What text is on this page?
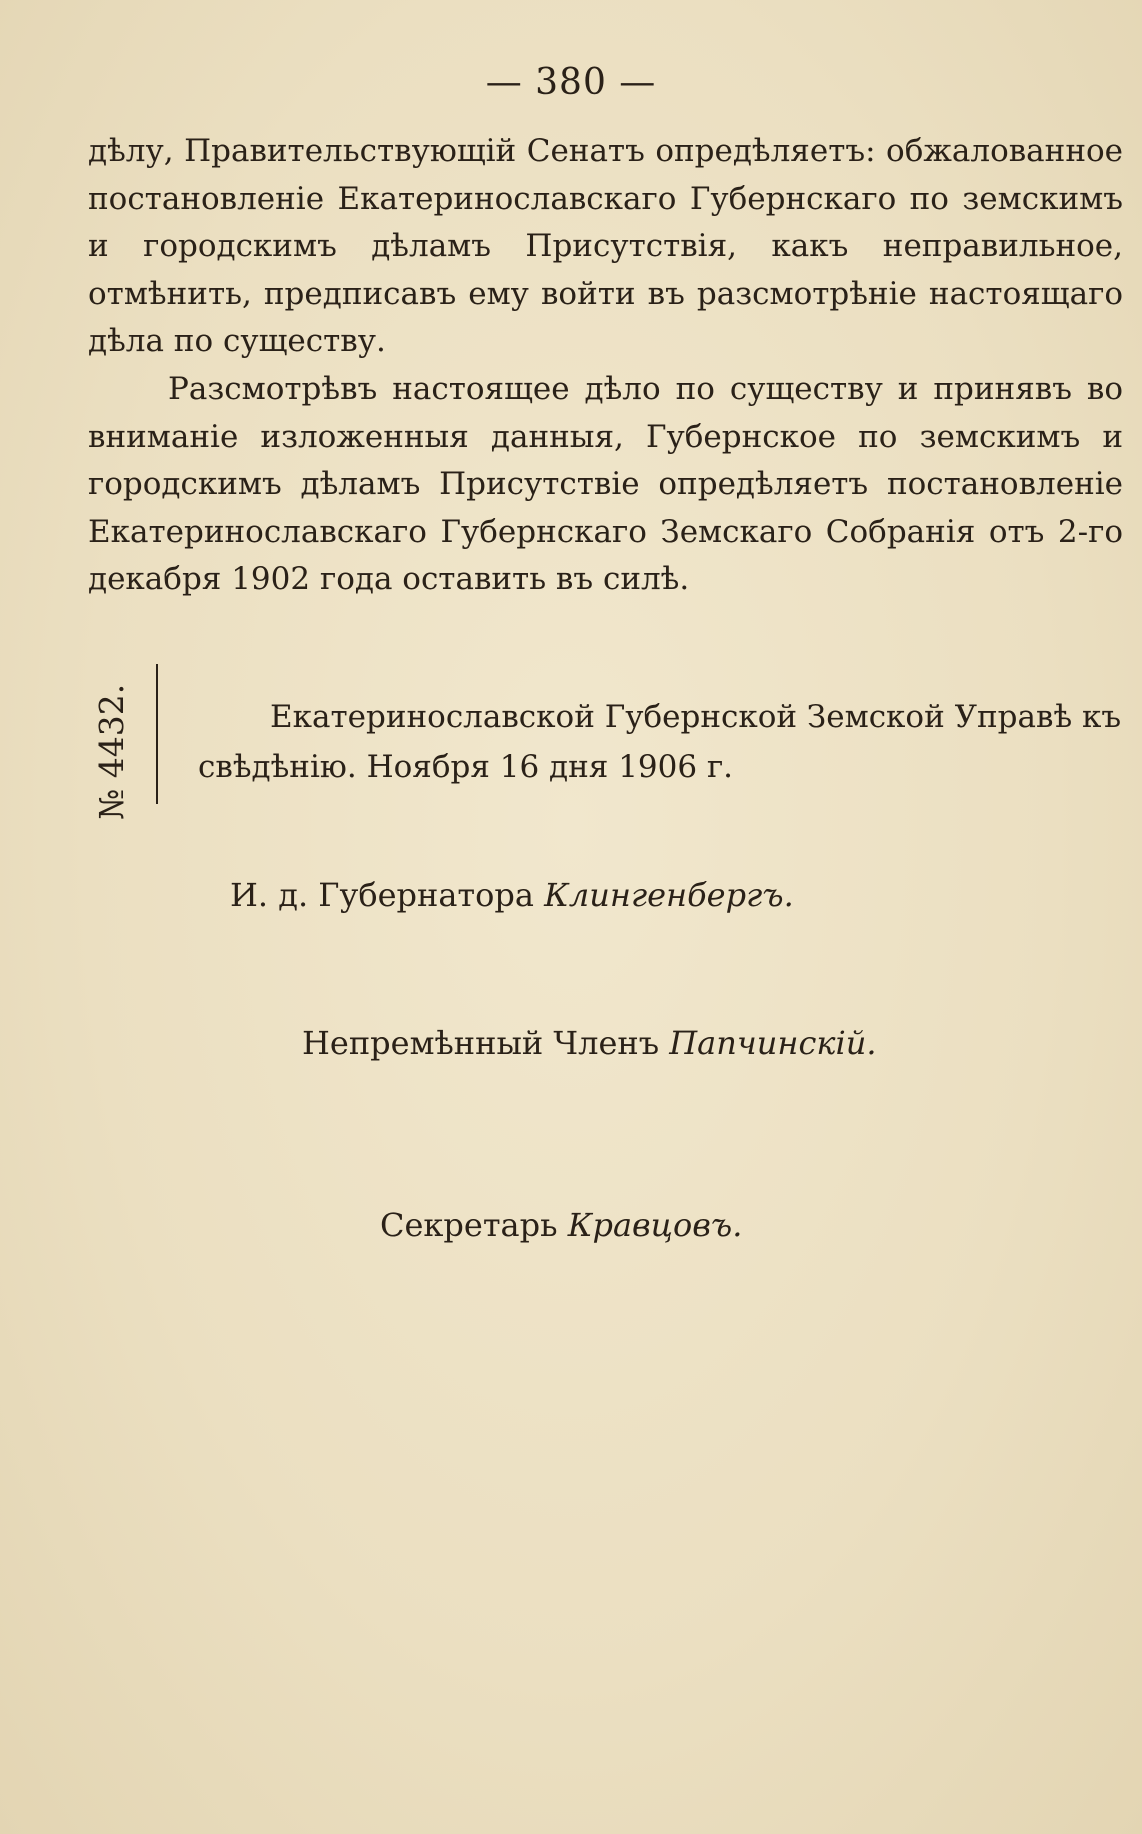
— 380 —

дѣлу, Правительствующій Сенатъ опредѣляетъ: обжалованное постановленіе Екатеринославскаго Губернскаго по земскимъ и городскимъ дѣламъ Присутствія, какъ неправильное, отмѣнить, предписавъ ему войти въ разсмотрѣніе настоящаго дѣла по существу.

Разсмотрѣвъ настоящее дѣло по существу и принявъ во вниманіе изложенныя данныя, Губернское по земскимъ и городскимъ дѣламъ Присутствіе опредѣляетъ постановленіе Екатеринославскаго Губернскаго Земскаго Собранія отъ 2-го декабря 1902 года оставить въ силѣ.

№ 4432.	Екатеринославской Губернской Земской Управѣ къ
свѣдѣнію. Ноября 16 дня 1906 г.

И. д. Губернатора Клингенбергъ.

Непремѣнный Членъ Папчинскій.

Секретарь Кравцовъ.
